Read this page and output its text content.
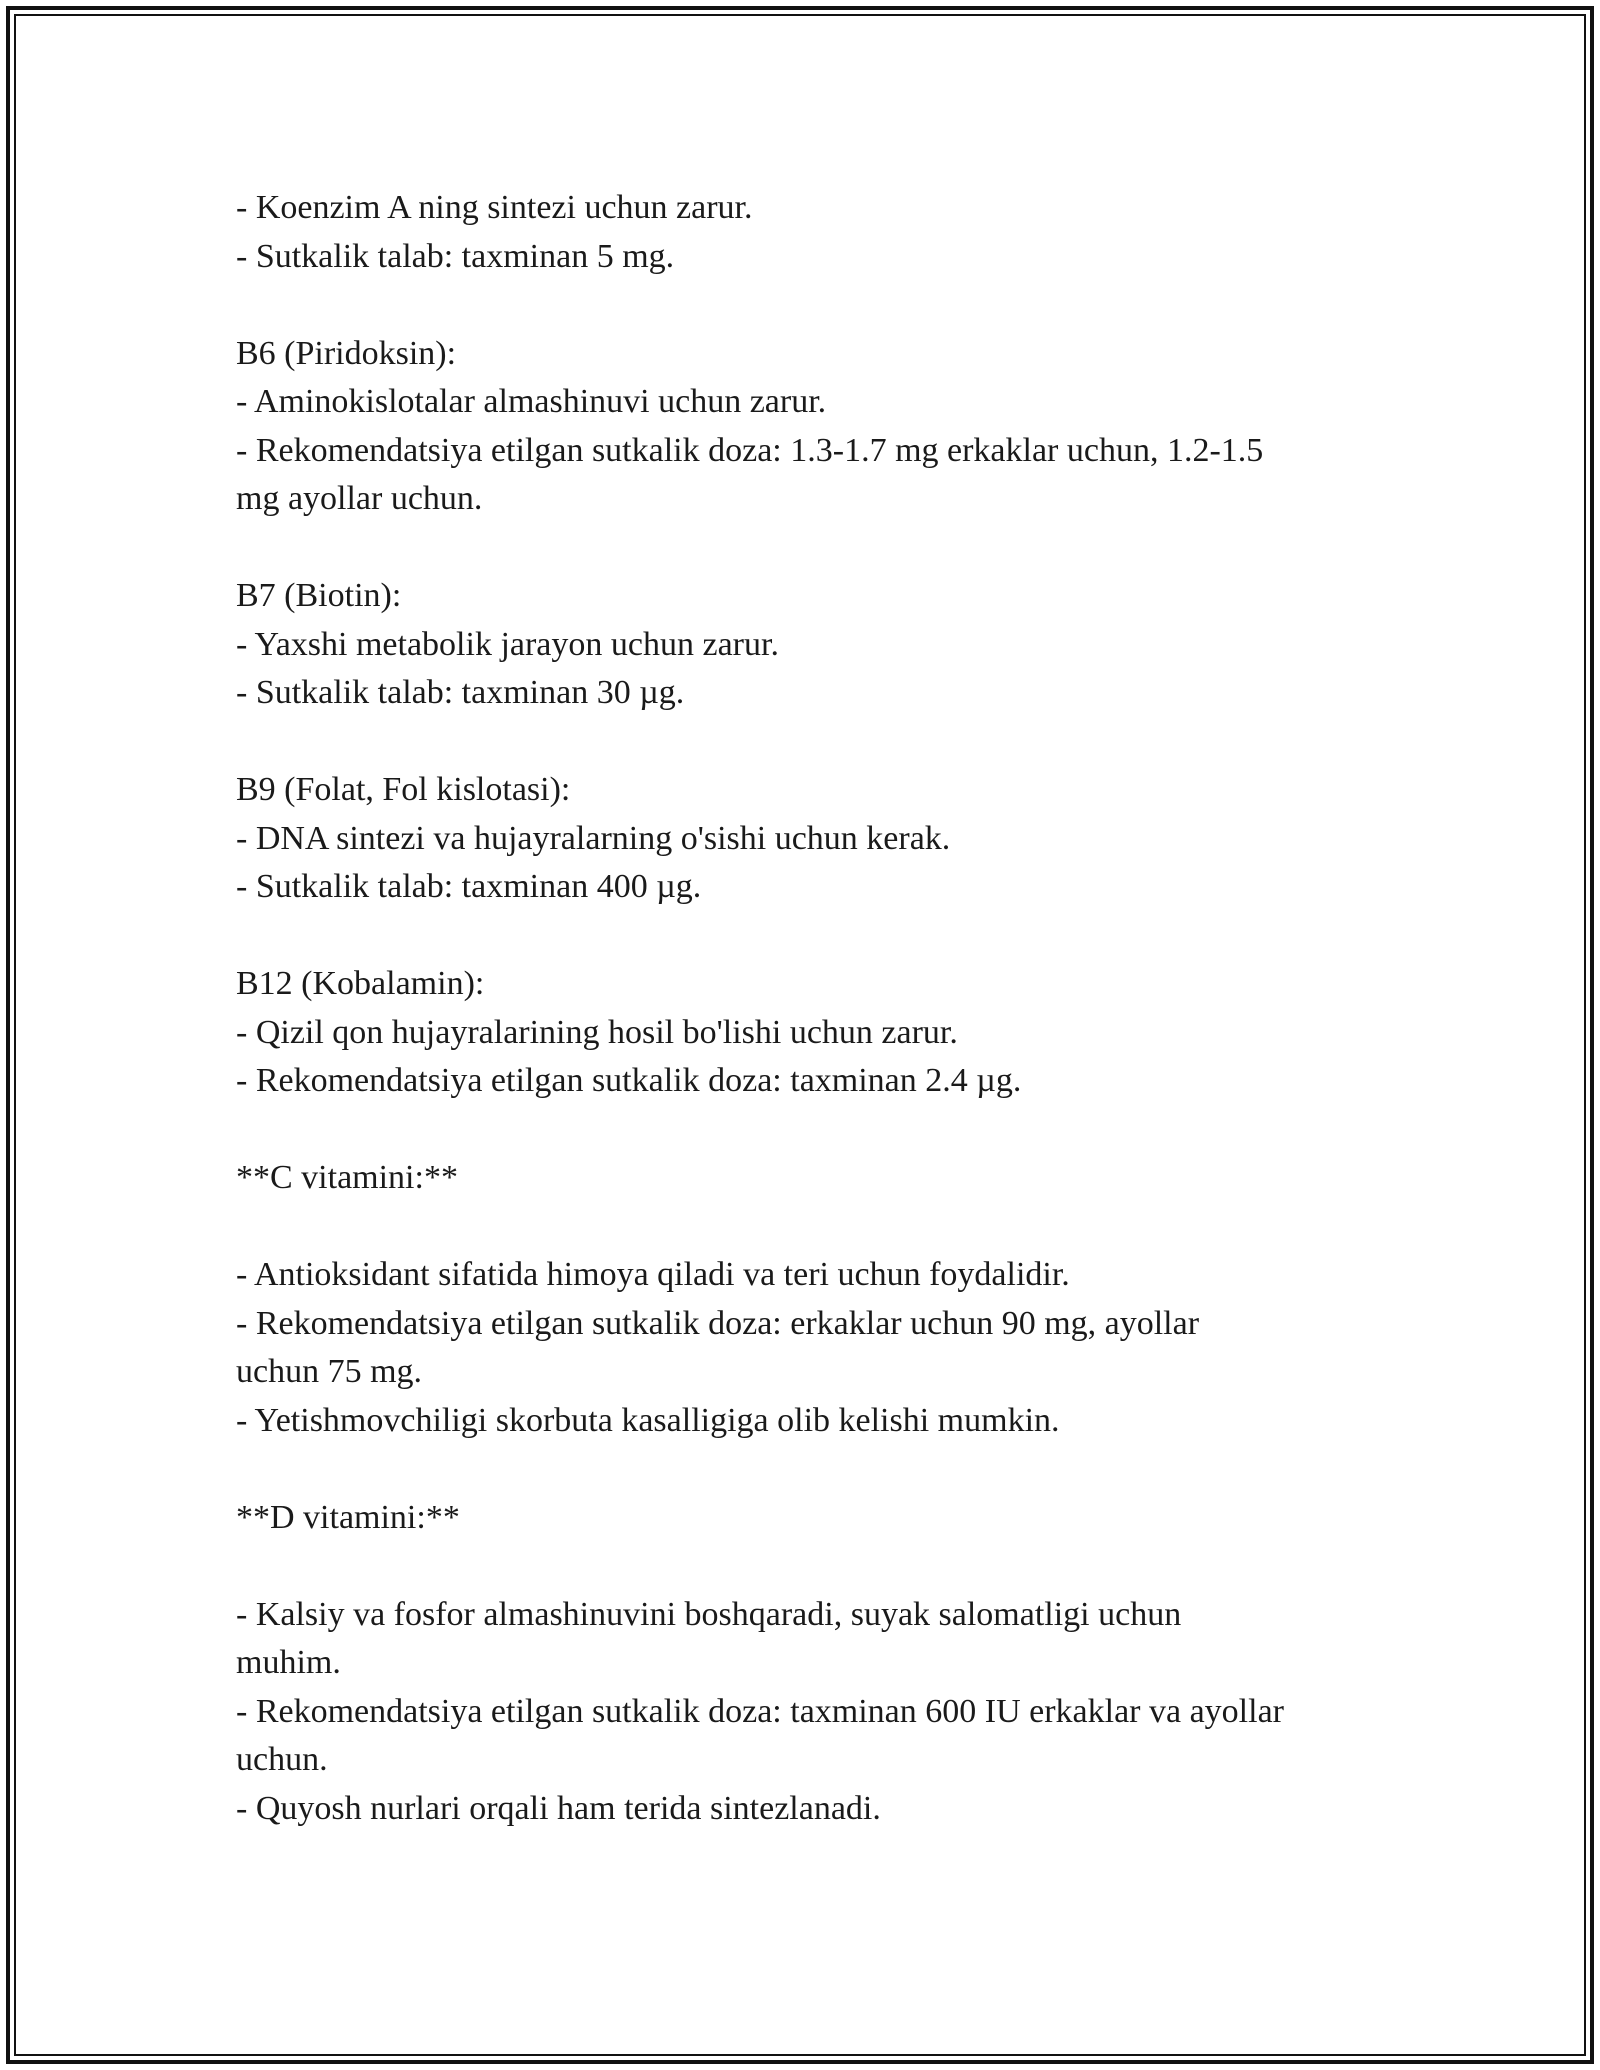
- Koenzim A ning sintezi uchun zarur.

- Sutkalik talab: taxminan 5 mg.

B6 (Piridoksin):

- Aminokislotalar almashinuvi uchun zarur.

- Rekomendatsiya etilgan sutkalik doza: 1.3-1.7 mg erkaklar uchun, 1.2-1.5

mg ayollar uchun.

B7 (Biotin):

- Yaxshi metabolik jarayon uchun zarur.

- Sutkalik talab: taxminan 30 µg.

B9 (Folat, Fol kislotasi):

- DNA sintezi va hujayralarning o'sishi uchun kerak.

- Sutkalik talab: taxminan 400 µg.

B12 (Kobalamin):

- Qizil qon hujayralarining hosil bo'lishi uchun zarur.

- Rekomendatsiya etilgan sutkalik doza: taxminan 2.4 µg.

**C vitamini:**

- Antioksidant sifatida himoya qiladi va teri uchun foydalidir.

- Rekomendatsiya etilgan sutkalik doza: erkaklar uchun 90 mg, ayollar

uchun 75 mg.

- Yetishmovchiligi skorbuta kasalligiga olib kelishi mumkin.

**D vitamini:**

- Kalsiy va fosfor almashinuvini boshqaradi, suyak salomatligi uchun

muhim.

- Rekomendatsiya etilgan sutkalik doza: taxminan 600 IU erkaklar va ayollar

uchun.

- Quyosh nurlari orqali ham terida sintezlanadi.
